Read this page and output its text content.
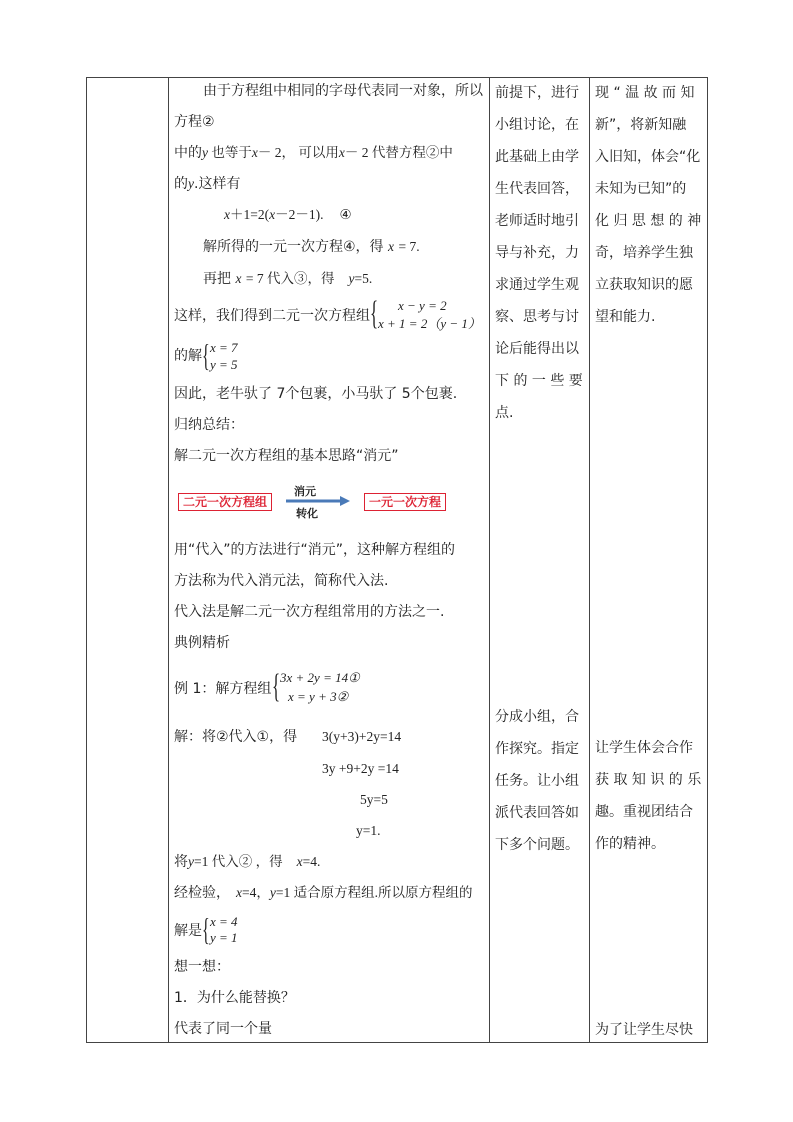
由于方程组中相同的字母代表同一对象，所以
方程②
中的y 也等于x－ 2， 可以用x－ 2 代替方程②中
的y.这样有
x＋1=2(x－2－1). ④
解所得的一元一次方程④，得 x = 7.
再把 x = 7 代入③，得 y=5.
这样，我们得到二元一次方程组 { x − y = 2
x + 1 = 2（y − 1）
的解 { x = 7
y = 5
因此，老牛驮了 7个包裹，小马驮了 5个包裹.
归纳总结：
解二元一次方程组的基本思路“消元”
二元一次方程组
消元
转化
一元一次方程
用“代入”的方法进行“消元”，这种解方程组的
方法称为代入消元法，简称代入法.
代入法是解二元一次方程组常用的方法之一.
典例精析
例 1：解方程组 { 3x + 2y = 14①
x = y + 3②
解：将②代入①，得 3(y+3)+2y=14
3y +9+2y =14
5y=5
y=1.
将y=1 代入② ，得 x=4.
经检验， x=4，y=1 适合原方程组.所以原方程组的
解是 { x = 4
y = 1
想一想：
1．为什么能替换？
代表了同一个量
前提下，进行
小组讨论，在
此基础上由学
生代表回答，
老师适时地引
导与补充，力
求通过学生观
察、思考与讨
论后能得出以
下 的 一 些 要
点.
分成小组，合
作探究。指定
任务。让小组
派代表回答如
下多个问题。
现 “ 温 故 而 知
新”，将新知融
入旧知，体会“化
未知为已知”的
化 归 思 想 的 神
奇，培养学生独
立获取知识的愿
望和能力.
让学生体会合作
获 取 知 识 的 乐
趣。重视团结合
作的精神。
为了让学生尽快
